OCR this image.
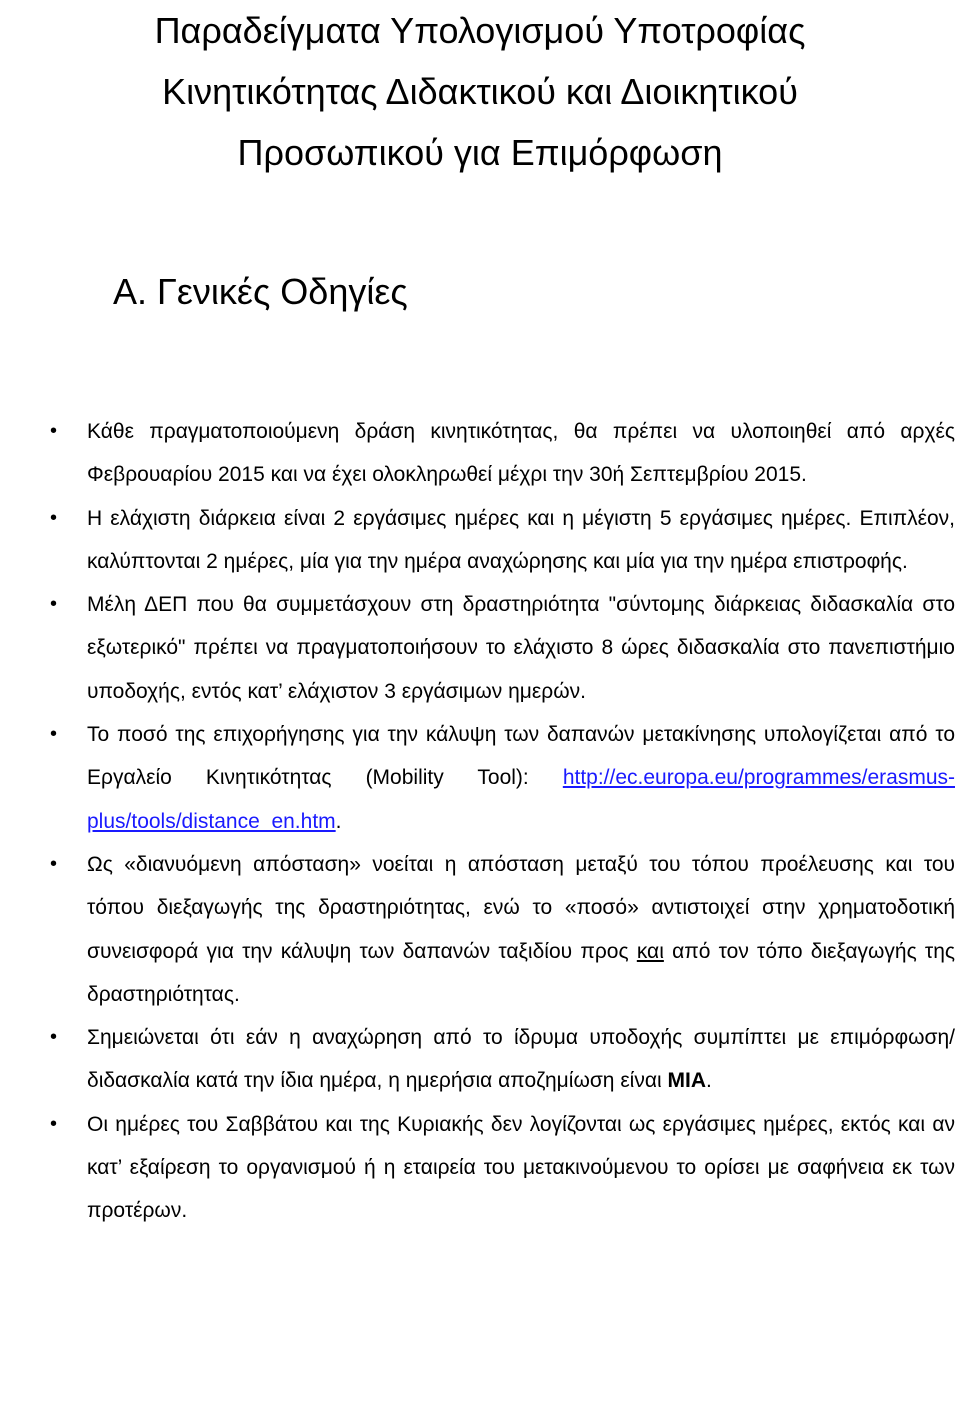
Παραδείγματα Υπολογισμού Υποτροφίας
Κινητικότητας Διδακτικού και Διοικητικού
Προσωπικού για Επιμόρφωση
Α. Γενικές Οδηγίες
• Κάθε πραγματοποιούμενη δράση κινητικότητας, θα πρέπει να υλοποιηθεί από αρχές Φεβρουαρίου 2015 και να έχει ολοκληρωθεί μέχρι την 30ή Σεπτεμβρίου 2015.
• Η ελάχιστη διάρκεια είναι 2 εργάσιμες ημέρες και η μέγιστη 5 εργάσιμες ημέρες. Επιπλέον, καλύπτονται 2 ημέρες, μία για την ημέρα αναχώρησης και μία για την ημέρα επιστροφής.
• Μέλη ΔΕΠ που θα συμμετάσχουν στη δραστηριότητα "σύντομης διάρκειας διδασκαλία στο εξωτερικό" πρέπει να πραγματοποιήσουν το ελάχιστο 8 ώρες διδασκαλία στο πανεπιστήμιο υποδοχής, εντός κατ’ ελάχιστον 3 εργάσιμων ημερών.
• Το ποσό της επιχορήγησης για την κάλυψη των δαπανών μετακίνησης υπολογίζεται από το Εργαλείο Κινητικότητας (Mobility Tool): http://ec.europa.eu/programmes/erasmus-plus/tools/distance_en.htm.
• Ως «διανυόμενη απόσταση» νοείται η απόσταση μεταξύ του τόπου προέλευσης και του τόπου διεξαγωγής της δραστηριότητας, ενώ το «ποσό» αντιστοιχεί στην χρηματοδοτική συνεισφορά για την κάλυψη των δαπανών ταξιδίου προς και από τον τόπο διεξαγωγής της δραστηριότητας.
• Σημειώνεται ότι εάν η αναχώρηση από το ίδρυμα υποδοχής συμπίπτει με επιμόρφωση/διδασκαλία κατά την ίδια ημέρα, η ημερήσια αποζημίωση είναι ΜΙΑ.
• Οι ημέρες του Σαββάτου και της Κυριακής δεν λογίζονται ως εργάσιμες ημέρες, εκτός και αν κατ’ εξαίρεση το οργανισμού ή η εταιρεία του μετακινούμενου το ορίσει με σαφήνεια εκ των προτέρων.
